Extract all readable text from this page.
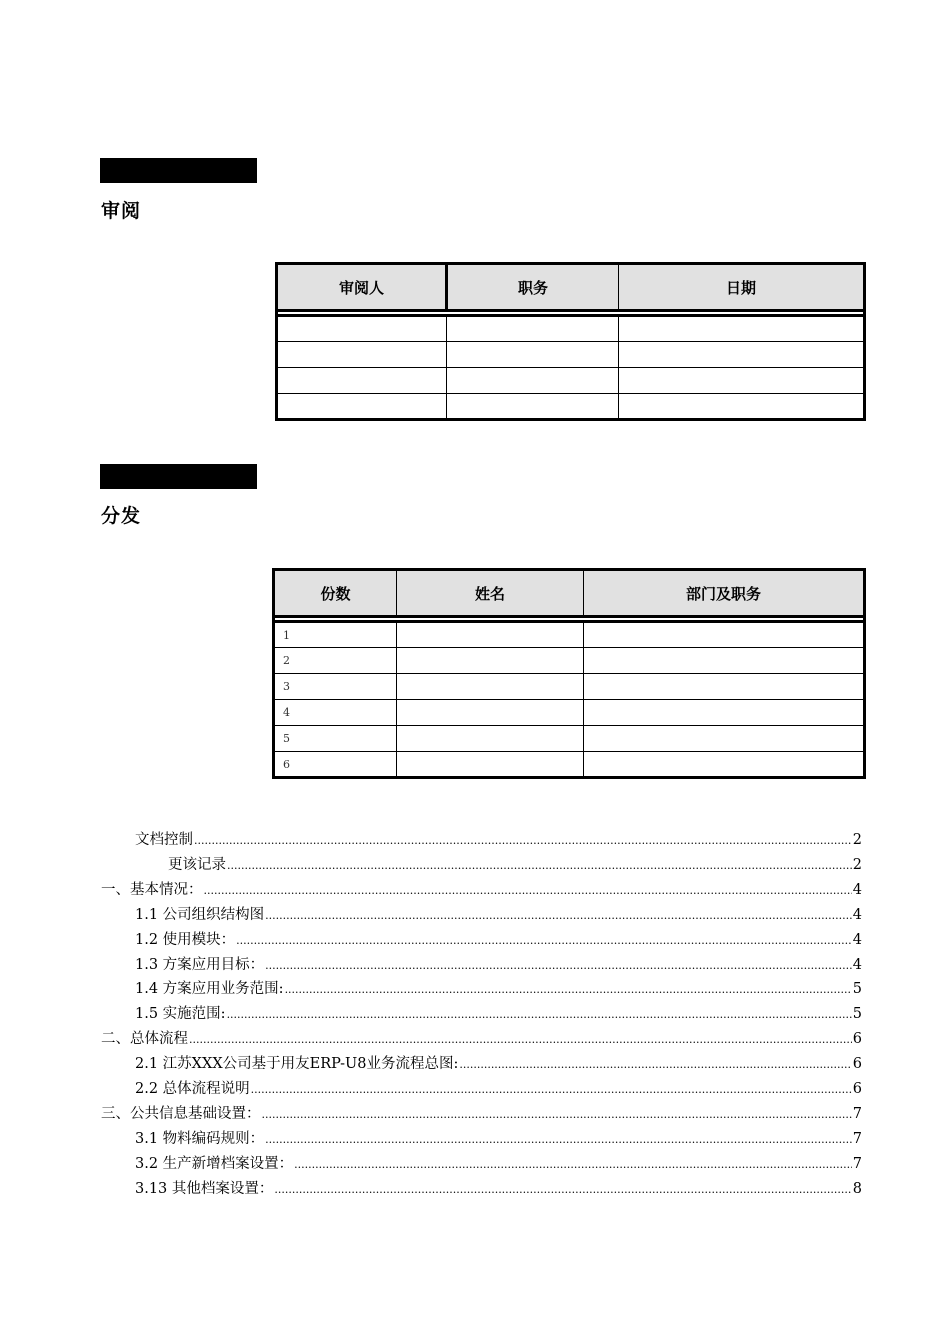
审阅
审阅人	职务	日期

分发
份数	姓名	部门及职务

1		
2		
3		
4		
5		
6		
文档控制 .....	2
更该记录 .....	2
一、基本情况： .....	4
1.1 公司组织结构图 .....	4
1.2 使用模块： .....	4
1.3 方案应用目标： .....	4
1.4 方案应用业务范围: .....	5
1.5 实施范围: .....	5
二、总体流程 .....	6
2.1 江苏XXX公司基于用友ERP-U8业务流程总图: .....	6
2.2 总体流程说明 .....	6
三、公共信息基础设置： .....	7
3.1 物料编码规则： .....	7
3.2 生产新增档案设置： .....	7
3.13 其他档案设置： .....	8
